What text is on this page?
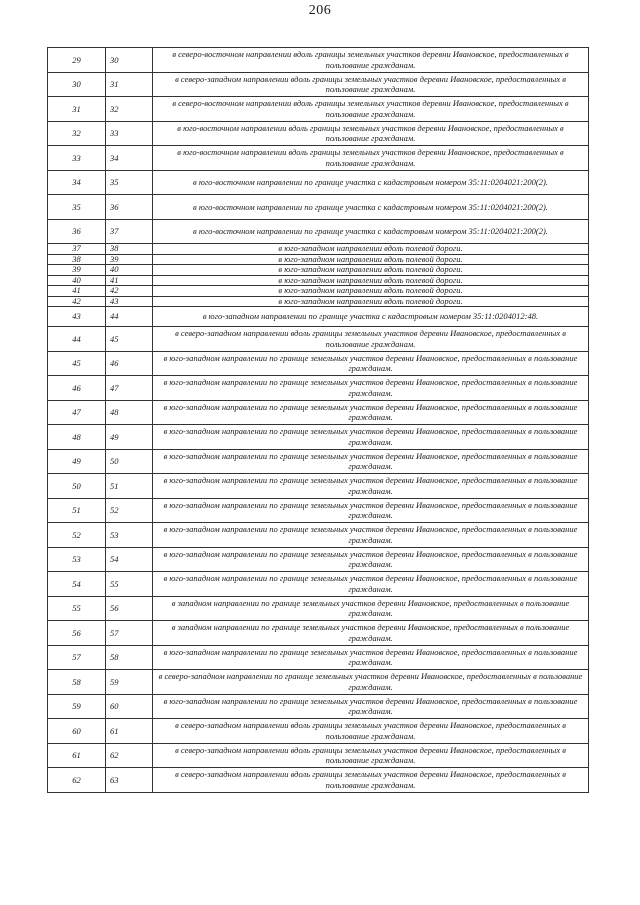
206
29	30	в северо-восточном направлении вдоль границы земельных участков деревни Ивановское, предоставленных в пользование гражданам.
30	31	в северо-западном направлении вдоль границы земельных участков деревни Ивановское, предоставленных в пользование гражданам.
31	32	в северо-восточном направлении вдоль границы земельных участков деревни Ивановское, предоставленных в пользование гражданам.
32	33	в юго-восточном направлении вдоль границы земельных участков деревни Ивановское, предоставленных в пользование гражданам.
33	34	в юго-восточном направлении вдоль границы земельных участков деревни Ивановское, предоставленных в пользование гражданам.
34	35	в юго-восточном направлении по границе участка с кадастровым номером 35:11:0204021:200(2).
35	36	в юго-восточном направлении по границе участка с кадастровым номером 35:11:0204021:200(2).
36	37	в юго-восточном направлении по границе участка с кадастровым номером 35:11:0204021:200(2).
37	38	в юго-западном направлении вдоль полевой дороги.
38	39	в юго-западном направлении вдоль полевой дороги.
39	40	в юго-западном направлении вдоль полевой дороги.
40	41	в юго-западном направлении вдоль полевой дороги.
41	42	в юго-западном направлении вдоль полевой дороги.
42	43	в юго-западном направлении вдоль полевой дороги.
43	44	в юго-западном направлении по границе участка с кадастровым номером 35:11:0204012:48.
44	45	в северо-западном направлении вдоль границы земельных участков деревни Ивановское, предоставленных в пользование гражданам.
45	46	в юго-западном направлении по границе земельных участков деревни Ивановское, предоставленных в пользование гражданам.
46	47	в юго-западном направлении по границе земельных участков деревни Ивановское, предоставленных в пользование гражданам.
47	48	в юго-западном направлении по границе земельных участков деревни Ивановское, предоставленных в пользование гражданам.
48	49	в юго-западном направлении по границе земельных участков деревни Ивановское, предоставленных в пользование гражданам.
49	50	в юго-западном направлении по границе земельных участков деревни Ивановское, предоставленных в пользование гражданам.
50	51	в юго-западном направлении по границе земельных участков деревни Ивановское, предоставленных в пользование гражданам.
51	52	в юго-западном направлении по границе земельных участков деревни Ивановское, предоставленных в пользование гражданам.
52	53	в юго-западном направлении по границе земельных участков деревни Ивановское, предоставленных в пользование гражданам.
53	54	в юго-западном направлении по границе земельных участков деревни Ивановское, предоставленных в пользование гражданам.
54	55	в юго-западном направлении по границе земельных участков деревни Ивановское, предоставленных в пользование гражданам.
55	56	в западном направлении по границе земельных участков деревни Ивановское, предоставленных в пользование гражданам.
56	57	в западном направлении по границе земельных участков деревни Ивановское, предоставленных в пользование гражданам.
57	58	в юго-западном направлении по границе земельных участков деревни Ивановское, предоставленных в пользование гражданам.
58	59	в северо-западном направлении по границе земельных участков деревни Ивановское, предоставленных в пользование гражданам.
59	60	в юго-западном направлении по границе земельных участков деревни Ивановское, предоставленных в пользование гражданам.
60	61	в северо-западном направлении вдоль границы земельных участков деревни Ивановское, предоставленных в пользование гражданам.
61	62	в северо-западном направлении вдоль границы земельных участков деревни Ивановское, предоставленных в пользование гражданам.
62	63	в северо-западном направлении вдоль границы земельных участков деревни Ивановское, предоставленных в пользование гражданам.
